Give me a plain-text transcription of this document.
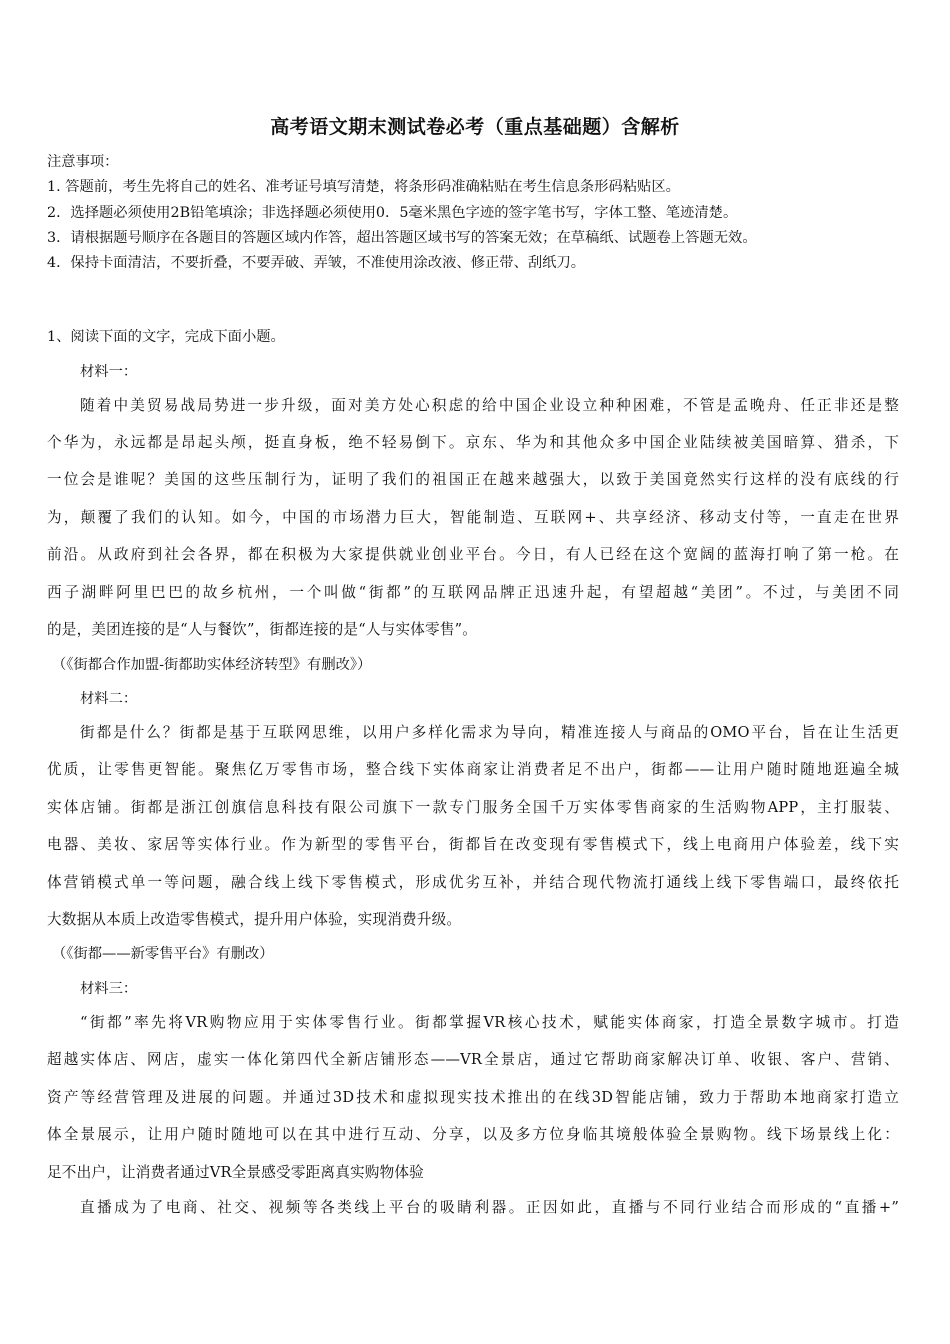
高考语文期末测试卷必考（重点基础题）含解析
注意事项：
1. 答题前，考生先将自己的姓名、准考证号填写清楚，将条形码准确粘贴在考生信息条形码粘贴区。
2．选择题必须使用2B铅笔填涂；非选择题必须使用0．5毫米黑色字迹的签字笔书写，字体工整、笔迹清楚。
3．请根据题号顺序在各题目的答题区域内作答，超出答题区域书写的答案无效；在草稿纸、试题卷上答题无效。
4．保持卡面清洁，不要折叠，不要弄破、弄皱，不准使用涂改液、修正带、刮纸刀。
1、阅读下面的文字，完成下面小题。
材料一：
随着中美贸易战局势进一步升级，面对美方处心积虑的给中国企业设立种种困难，不管是孟晚舟、任正非还是整
个华为，永远都是昂起头颅，挺直身板，绝不轻易倒下。京东、华为和其他众多中国企业陆续被美国暗算、猎杀，下
一位会是谁呢？美国的这些压制行为，证明了我们的祖国正在越来越强大，以致于美国竟然实行这样的没有底线的行
为，颠覆了我们的认知。如今，中国的市场潜力巨大，智能制造、互联网+、共享经济、移动支付等，一直走在世界
前沿。从政府到社会各界，都在积极为大家提供就业创业平台。今日，有人已经在这个宽阔的蓝海打响了第一枪。在
西子湖畔阿里巴巴的故乡杭州，一个叫做“街都”的互联网品牌正迅速升起，有望超越“美团”。不过，与美团不同
的是，美团连接的是“人与餐饮”，街都连接的是“人与实体零售”。
（《街都合作加盟-街都助实体经济转型》有删改》）
材料二：
街都是什么？街都是基于互联网思维，以用户多样化需求为导向，精准连接人与商品的OMO平台，旨在让生活更
优质，让零售更智能。聚焦亿万零售市场，整合线下实体商家让消费者足不出户，街都——让用户随时随地逛遍全城
实体店铺。街都是浙江创旗信息科技有限公司旗下一款专门服务全国千万实体零售商家的生活购物APP，主打服装、
电器、美妆、家居等实体行业。作为新型的零售平台，街都旨在改变现有零售模式下，线上电商用户体验差，线下实
体营销模式单一等问题，融合线上线下零售模式，形成优劣互补，并结合现代物流打通线上线下零售端口，最终依托
大数据从本质上改造零售模式，提升用户体验，实现消费升级。
（《街都——新零售平台》有删改）
材料三：
“街都”率先将VR购物应用于实体零售行业。街都掌握VR核心技术，赋能实体商家，打造全景数字城市。打造
超越实体店、网店，虚实一体化第四代全新店铺形态——VR全景店，通过它帮助商家解决订单、收银、客户、营销、
资产等经营管理及进展的问题。并通过3D技术和虚拟现实技术推出的在线3D智能店铺，致力于帮助本地商家打造立
体全景展示，让用户随时随地可以在其中进行互动、分享，以及多方位身临其境般体验全景购物。线下场景线上化：
足不出户，让消费者通过VR全景感受零距离真实购物体验
直播成为了电商、社交、视频等各类线上平台的吸睛利器。正因如此，直播与不同行业结合而形成的“直播+”
